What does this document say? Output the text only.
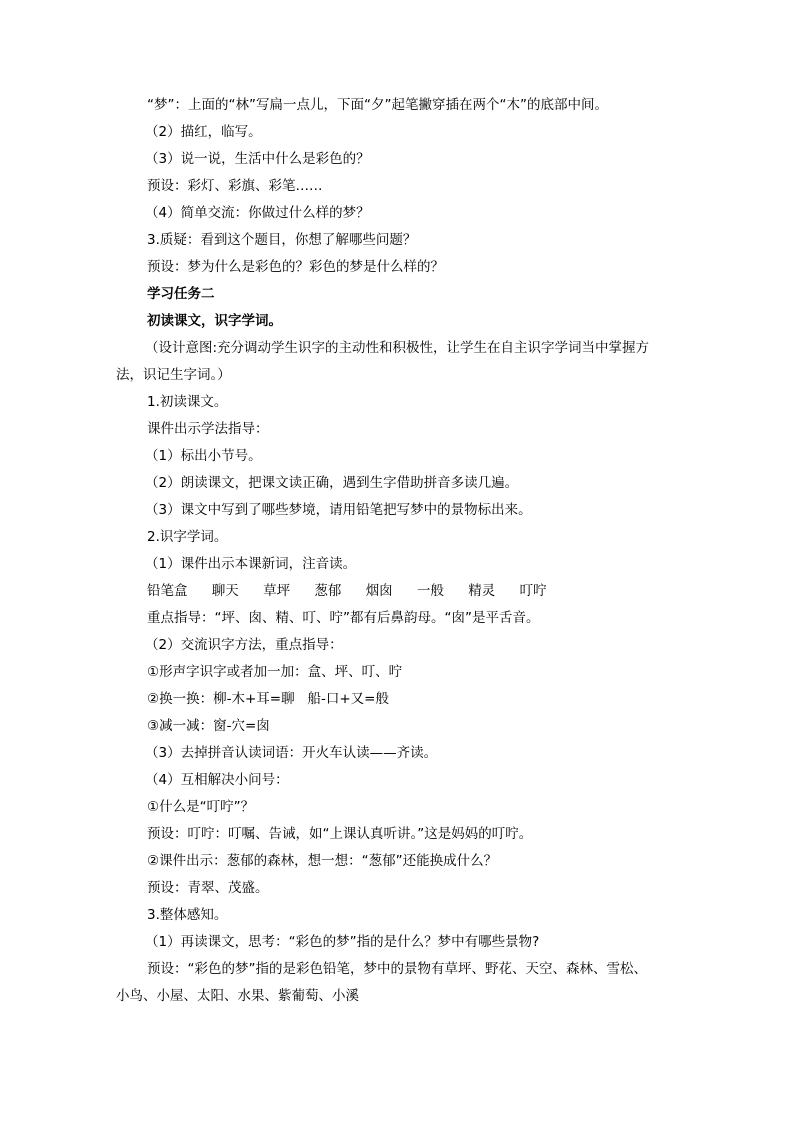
“梦”：上面的“林”写扁一点儿，下面“夕”起笔撇穿插在两个“木”的底部中间。

（2）描红，临写。

（3）说一说，生活中什么是彩色的？

预设：彩灯、彩旗、彩笔……

（4）简单交流：你做过什么样的梦？

3.质疑：看到这个题目，你想了解哪些问题？

预设：梦为什么是彩色的？彩色的梦是什么样的？

学习任务二

初读课文，识字学词。

（设计意图:充分调动学生识字的主动性和积极性，让学生在自主识字学词当中掌握方

法，识记生字词。）

1.初读课文。

课件出示学法指导：

（1）标出小节号。

（2）朗读课文，把课文读正确，遇到生字借助拼音多读几遍。

（3）课文中写到了哪些梦境，请用铅笔把写梦中的景物标出来。

2.识字学词。

（1）课件出示本课新词，注音读。

铅笔盒 聊天 草坪 葱郁 烟囱 一般 精灵 叮咛

重点指导：“坪、囱、精、叮、咛”都有后鼻韵母。“囱”是平舌音。

（2）交流识字方法，重点指导：

①形声字识字或者加一加：盒、坪、叮、咛

②换一换：柳-木+耳=聊   船-口+又=般

③减一减：窗-穴=囱

（3）去掉拼音认读词语：开火车认读——齐读。

（4）互相解决小问号：

①什么是“叮咛”？

预设：叮咛：叮嘱、告诫，如“上课认真听讲。”这是妈妈的叮咛。

②课件出示：葱郁的森林，想一想：“葱郁”还能换成什么？

预设：青翠、茂盛。

3.整体感知。

（1）再读课文，思考：“彩色的梦”指的是什么？梦中有哪些景物?

预设：“彩色的梦”指的是彩色铅笔，梦中的景物有草坪、野花、天空、森林、雪松、

小鸟、小屋、太阳、水果、紫葡萄、小溪
